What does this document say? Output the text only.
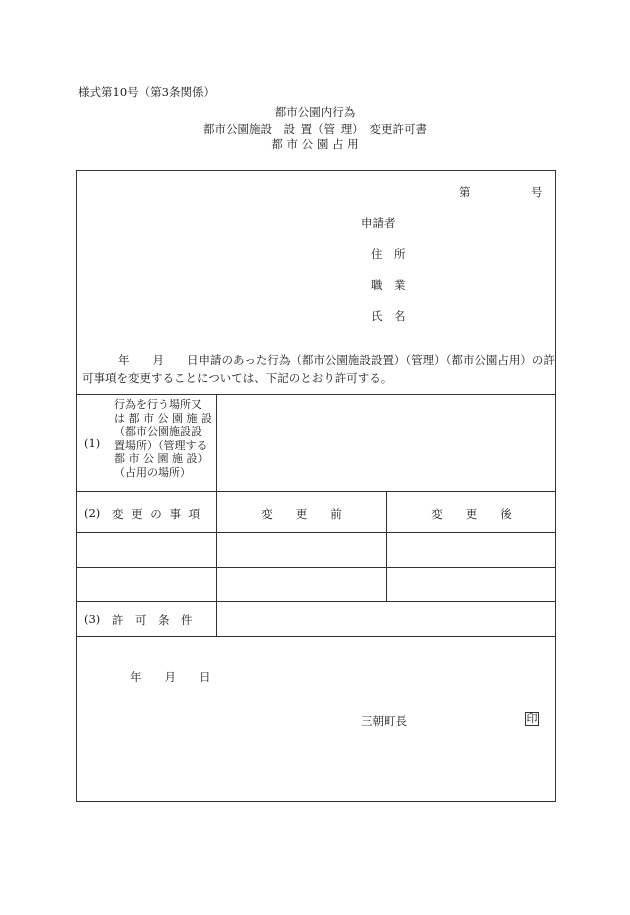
様式第10号（第3条関係）
都市公園内行為
都市公園施設　設 置（管 理）　変更許可書
都 市 公 園 占 用
第	号
申請者
住　所
職　業
氏　名
年　　月　　日申請のあった行為（都市公園施設設置）（管理）（都市公園占用）の許
可事項を変更することについては、下記のとおり許可する。
(1)
行為を行う場所又
は 都 市 公 園 施 設
（都市公園施設設
置場所）（管理する
都 市 公 園 施 設）
（占用の場所）
(2) 変 更 の 事 項	変　　更　　前	変　　更　　後
(3) 許　可　条　件
年　　月　　日
三朝町長	印
